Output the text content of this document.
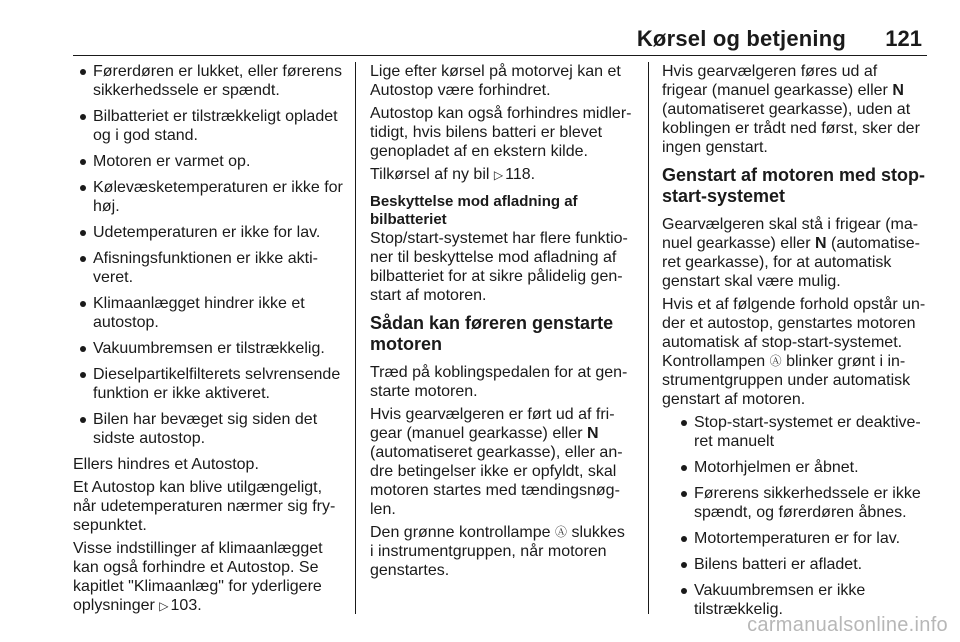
Kørsel og betjening 121
Førerdøren er lukket, eller førerens sikkerhedssele er spændt.
Bilbatteriet er tilstrækkeligt opladet og i god stand.
Motoren er varmet op.
Kølevæsketemperaturen er ikke for høj.
Udetemperaturen er ikke for lav.
Afisningsfunktionen er ikke aktiveret.
Klimaanlægget hindrer ikke et autostop.
Vakuumbremsen er tilstrækkelig.
Dieselpartikelfilterets selvrensende funktion er ikke aktiveret.
Bilen har bevæget sig siden det sidste autostop.

Ellers hindres et Autostop.

Et Autostop kan blive utilgængeligt, når udetemperaturen nærmer sig frysepunktet.

Visse indstillinger af klimaanlægget kan også forhindre et Autostop. Se kapitlet "Klimaanlæg" for yderligere oplysninger ▷ 103.

Lige efter kørsel på motorvej kan et Autostop være forhindret.

Autostop kan også forhindres midlertidigt, hvis bilens batteri er blevet genopladet af en ekstern kilde.

Tilkørsel af ny bil ▷ 118.

Beskyttelse mod afladning af bilbatteriet

Stop/start-systemet har flere funktioner til beskyttelse mod afladning af bilbatteriet for at sikre pålidelig genstart af motoren.

Sådan kan føreren genstarte motoren

Træd på koblingspedalen for at genstarte motoren.

Hvis gearvælgeren er ført ud af frigear (manuel gearkasse) eller N (automatiseret gearkasse), eller andre betingelser ikke er opfyldt, skal motoren startes med tændingsnøglen.

Den grønne kontrollampe Ⓐ slukkes i instrumentgruppen, når motoren genstartes.

Hvis gearvælgeren føres ud af frigear (manuel gearkasse) eller N (automatiseret gearkasse), uden at koblingen er trådt ned først, sker der ingen genstart.

Genstart af motoren med stop-start-systemet

Gearvælgeren skal stå i frigear (manuel gearkasse) eller N (automatiseret gearkasse), for at automatisk genstart skal være mulig.

Hvis et af følgende forhold opstår under et autostop, genstartes motoren automatisk af stop-start-systemet. Kontrollampen Ⓐ blinker grønt i instrumentgruppen under automatisk genstart af motoren.

Stop-start-systemet er deaktiveret manuelt
Motorhjelmen er åbnet.
Førerens sikkerhedssele er ikke spændt, og førerdøren åbnes.
Motortemperaturen er for lav.
Bilens batteri er afladet.
Vakuumbremsen er ikke tilstrækkelig.
carmanualsonline.info
